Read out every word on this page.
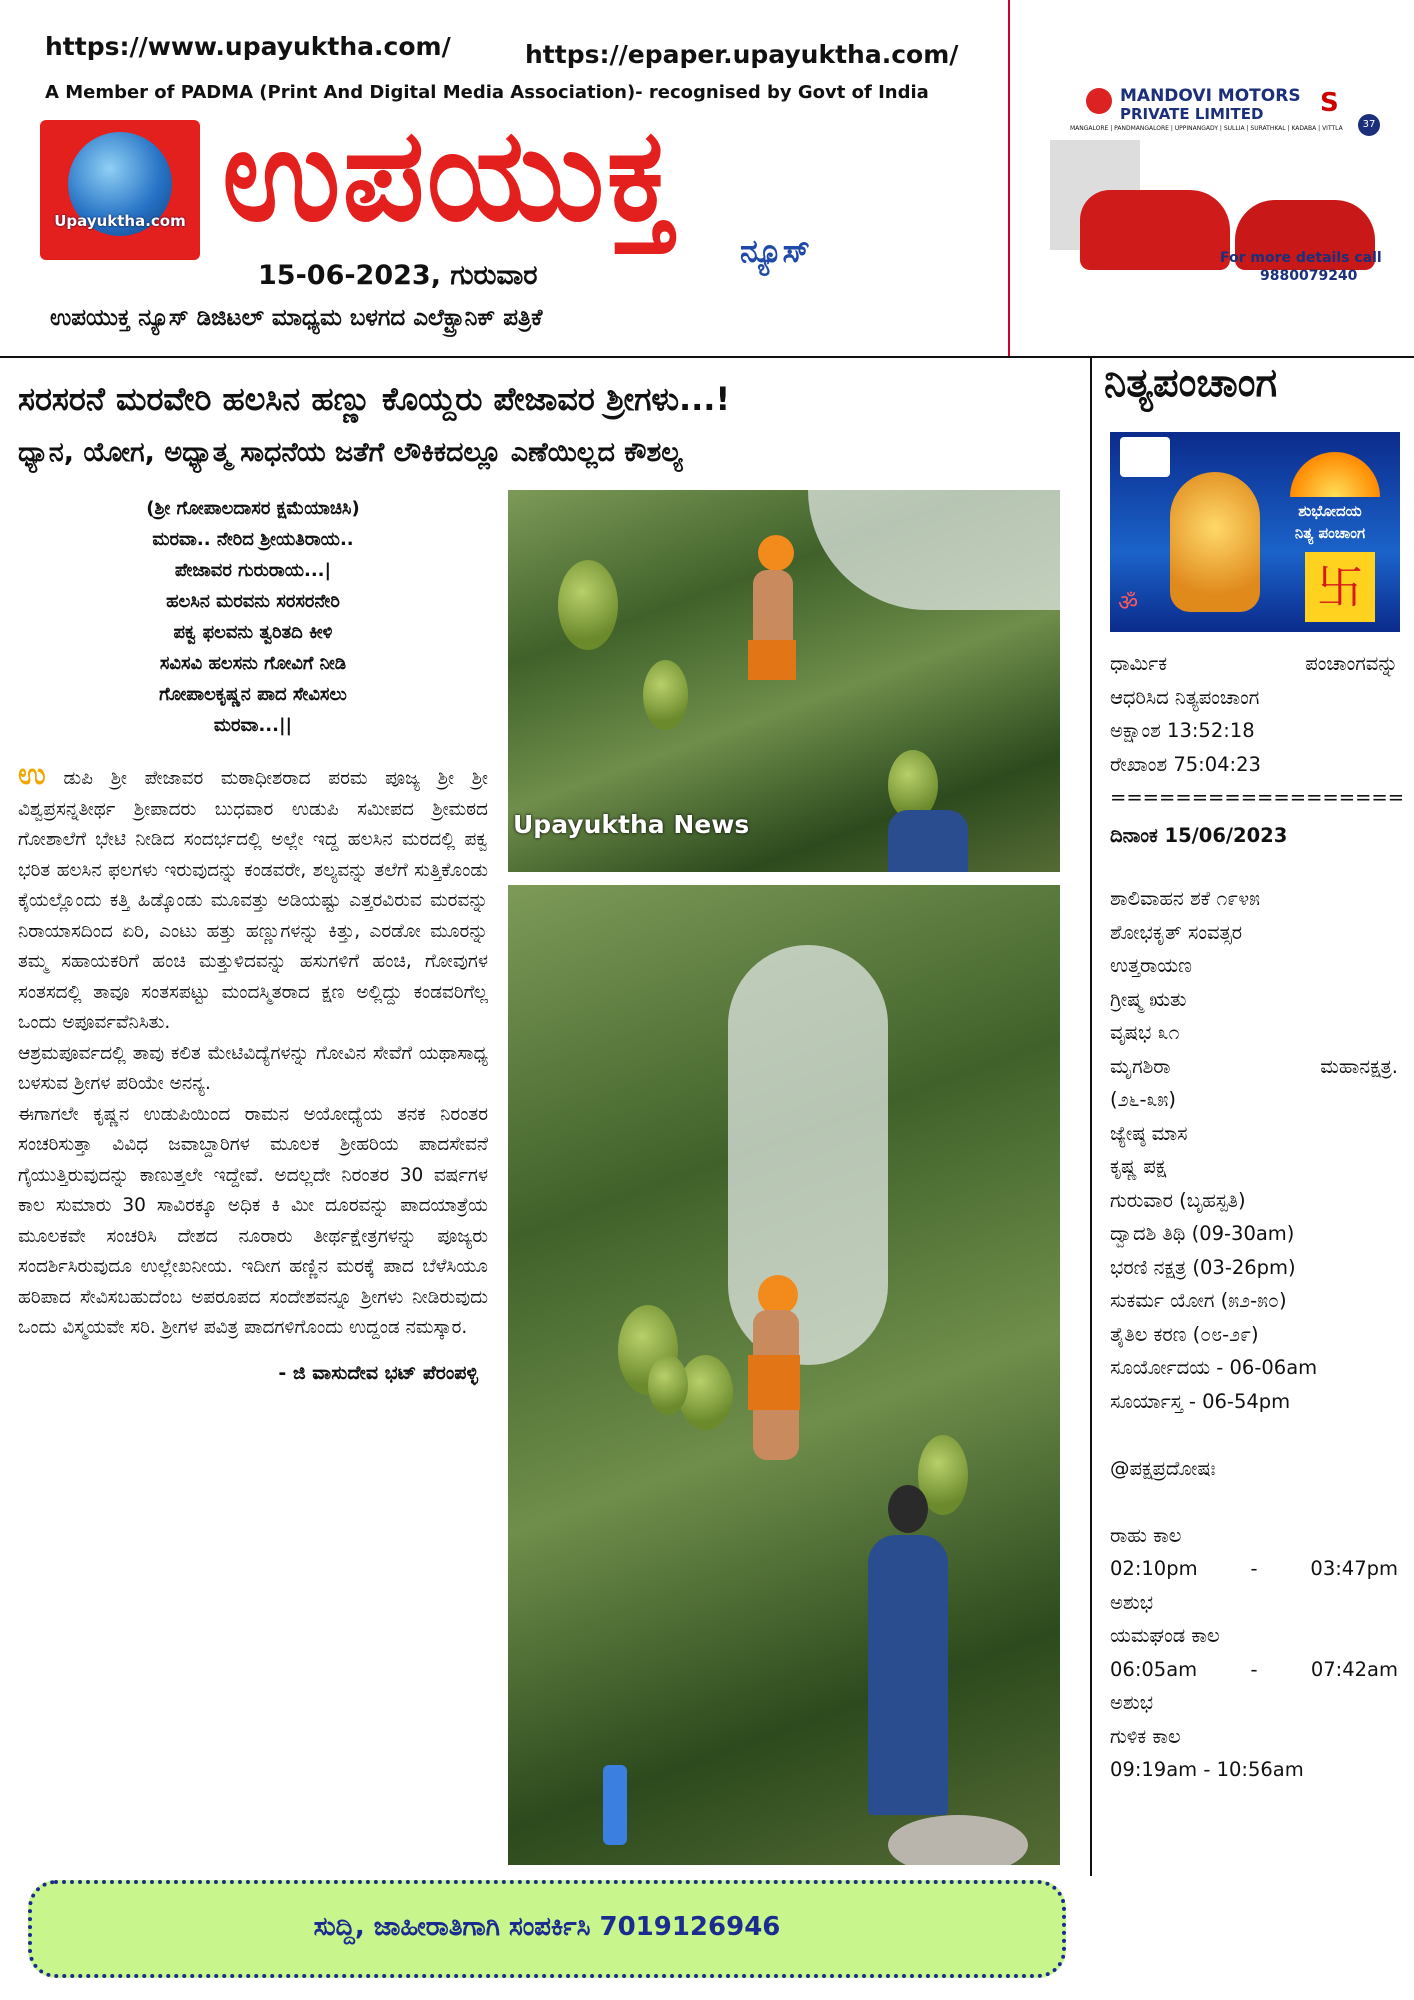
https://www.upayuktha.com/	https://epaper.upayuktha.com/
A Member of PADMA (Print And Digital Media Association)- recognised by Govt of India
Upayuktha.com ಉಪಯುಕ್ತ
ನ್ಯೂಸ್
15-06-2023, ಗುರುವಾರ
ಉಪಯುಕ್ತ ನ್ಯೂಸ್ ಡಿಜಿಟಲ್ ಮಾಧ್ಯಮ ಬಳಗದ ಎಲೆಕ್ಟ್ರಾನಿಕ್ ಪತ್ರಿಕೆ
MANDOVI MOTORS
PRIVATE LIMITED S
37
MANGALORE | PANDMANGALORE | UPPINANGADY | SULLIA | SURATHKAL | KADABA | VITTLA
For more details call
9880079240
ಸರಸರನೆ ಮರವೇರಿ ಹಲಸಿನ ಹಣ್ಣು ಕೊಯ್ದರು ಪೇಜಾವರ ಶ್ರೀಗಳು...!
ಧ್ಯಾನ, ಯೋಗ, ಅಧ್ಯಾತ್ಮ ಸಾಧನೆಯ ಜತೆಗೆ ಲೌಕಿಕದಲ್ಲೂ ಎಣೆಯಿಲ್ಲದ ಕೌಶಲ್ಯ
(ಶ್ರೀ ಗೋಪಾಲದಾಸರ ಕ್ಷಮೆಯಾಚಿಸಿ)
ಮರವಾ.. ನೇರಿದ ಶ್ರೀಯತಿರಾಯ..
ಪೇಜಾವರ ಗುರುರಾಯ...|
ಹಲಸಿನ ಮರವನು ಸರಸರನೇರಿ
ಪಕ್ವ ಫಲವನು ತ್ವರಿತದಿ ಕೀಳಿ
ಸವಿಸವಿ ಹಲಸನು ಗೋವಿಗೆ ನೀಡಿ
ಗೋಪಾಲಕೃಷ್ಣನ ಪಾದ ಸೇವಿಸಲು
ಮರವಾ...||
ಉ ಡುಪಿ ಶ್ರೀ ಪೇಜಾವರ ಮಠಾಧೀಶರಾದ ಪರಮ ಪೂಜ್ಯ ಶ್ರೀ ಶ್ರೀ ವಿಶ್ವಪ್ರಸನ್ನತೀರ್ಥ ಶ್ರೀಪಾದರು ಬುಧವಾರ ಉಡುಪಿ ಸಮೀಪದ ಶ್ರೀಮಠದ ಗೋಶಾಲೆಗೆ ಭೇಟಿ ನೀಡಿದ ಸಂದರ್ಭದಲ್ಲಿ ಅಲ್ಲೇ ಇದ್ದ ಹಲಸಿನ ಮರದಲ್ಲಿ ಪಕ್ವ ಭರಿತ ಹಲಸಿನ ಫಲಗಳು ಇರುವುದನ್ನು ಕಂಡವರೇ, ಶಲ್ಯವನ್ನು ತಲೆಗೆ ಸುತ್ತಿಕೊಂಡು ಕೈಯಲ್ಲೊಂದು ಕತ್ತಿ ಹಿಡ್ಕೊಂಡು ಮೂವತ್ತು ಅಡಿಯಷ್ಟು ಎತ್ತರವಿರುವ ಮರವನ್ನು ನಿರಾಯಾಸದಿಂದ ಏರಿ, ಎಂಟು ಹತ್ತು ಹಣ್ಣುಗಳನ್ನು ಕಿತ್ತು, ಎರಡೋ ಮೂರನ್ನು ತಮ್ಮ ಸಹಾಯಕರಿಗೆ ಹಂಚಿ ಮತ್ತುಳಿದವನ್ನು ಹಸುಗಳಿಗೆ ಹಂಚಿ, ಗೋವುಗಳ ಸಂತಸದಲ್ಲಿ ತಾವೂ ಸಂತಸಪಟ್ಟು ಮಂದಸ್ಮಿತರಾದ ಕ್ಷಣ ಅಲ್ಲಿದ್ದು ಕಂಡವರಿಗೆಲ್ಲ ಒಂದು ಅಪೂರ್ವವೆನಿಸಿತು.
ಆಶ್ರಮಪೂರ್ವದಲ್ಲಿ ತಾವು ಕಲಿತ ಮೇಟಿವಿದ್ಯೆಗಳನ್ನು ಗೋವಿನ ಸೇವೆಗೆ ಯಥಾಸಾಧ್ಯ ಬಳಸುವ ಶ್ರೀಗಳ ಪರಿಯೇ ಅನನ್ಯ.
ಈಗಾಗಲೇ ಕೃಷ್ಣನ ಉಡುಪಿಯಿಂದ ರಾಮನ ಅಯೋಧ್ಯೆಯ ತನಕ ನಿರಂತರ ಸಂಚರಿಸುತ್ತಾ ವಿವಿಧ ಜವಾಬ್ದಾರಿಗಳ ಮೂಲಕ ಶ್ರೀಹರಿಯ ಪಾದಸೇವನೆ ಗೈಯುತ್ತಿರುವುದನ್ನು ಕಾಣುತ್ತಲೇ ಇದ್ದೇವೆ. ಅದಲ್ಲದೇ ನಿರಂತರ 30 ವರ್ಷಗಳ ಕಾಲ ಸುಮಾರು 30 ಸಾವಿರಕ್ಕೂ ಅಧಿಕ ಕಿ ಮೀ ದೂರವನ್ನು ಪಾದಯಾತ್ರೆಯ ಮೂಲಕವೇ ಸಂಚರಿಸಿ ದೇಶದ ನೂರಾರು ತೀರ್ಥಕ್ಷೇತ್ರಗಳನ್ನು ಪೂಜ್ಯರು ಸಂದರ್ಶಿಸಿರುವುದೂ ಉಲ್ಲೇಖನೀಯ. ಇದೀಗ ಹಣ್ಣಿನ ಮರಕ್ಕೆ ಪಾದ ಬೆಳೆಸಿಯೂ ಹರಿಪಾದ ಸೇವಿಸಬಹುದೆಂಬ ಅಪರೂಪದ ಸಂದೇಶವನ್ನೂ ಶ್ರೀಗಳು ನೀಡಿರುವುದು ಒಂದು ವಿಸ್ಮಯವೇ ಸರಿ. ಶ್ರೀಗಳ ಪವಿತ್ರ ಪಾದಗಳಿಗೊಂದು ಉದ್ದಂಡ ನಮಸ್ಕಾರ.
- ಜಿ ವಾಸುದೇವ ಭಟ್ ಪೆರಂಪಳ್ಳಿ
Upayuktha News
ನಿತ್ಯಪಂಚಾಂಗ
ಶುಭೋದಯ
ನಿತ್ಯ ಪಂಚಾಂಗ
卐
ॐ
ಧಾರ್ಮಿಕ ಪಂಚಾಂಗವನ್ನು
ಆಧರಿಸಿದ ನಿತ್ಯಪಂಚಾಂಗ
ಅಕ್ಷಾಂಶ 13:52:18
ರೇಖಾಂಶ 75:04:23
==================
ದಿನಾಂಕ 15/06/2023
ಶಾಲಿವಾಹನ ಶಕೆ ೧೯೪೫
ಶೋಭಕೃತ್ ಸಂವತ್ಸರ
ಉತ್ತರಾಯಣ
ಗ್ರೀಷ್ಮ ಋತು
ವೃಷಭ ೩೧
ಮೃಗಶಿರಾ ಮಹಾನಕ್ಷತ್ರ.
(೨೬-೩೫)
ಜ್ಯೇಷ್ಠ ಮಾಸ
ಕೃಷ್ಣ ಪಕ್ಷ
ಗುರುವಾರ (ಬೃಹಸ್ಪತಿ)
ದ್ವಾದಶಿ ತಿಥಿ (09-30am)
ಭರಣಿ ನಕ್ಷತ್ರ (03-26pm)
ಸುಕರ್ಮ ಯೋಗ (೫೨-೫೦)
ತೈತಿಲ ಕರಣ (೦೮-೨೯)
ಸೂರ್ಯೋದಯ - 06-06am
ಸೂರ್ಯಾಸ್ತ - 06-54pm
@ಪಕ್ಷಪ್ರದೋಷಃ
ರಾಹು ಕಾಲ
02:10pm	-	03:47pm
ಅಶುಭ
ಯಮಘಂಡ ಕಾಲ
06:05am	-	07:42am
ಅಶುಭ
ಗುಳಿಕ ಕಾಲ
09:19am - 10:56am
ಸುದ್ದಿ, ಜಾಹೀರಾತಿಗಾಗಿ ಸಂಪರ್ಕಿಸಿ 7019126946
